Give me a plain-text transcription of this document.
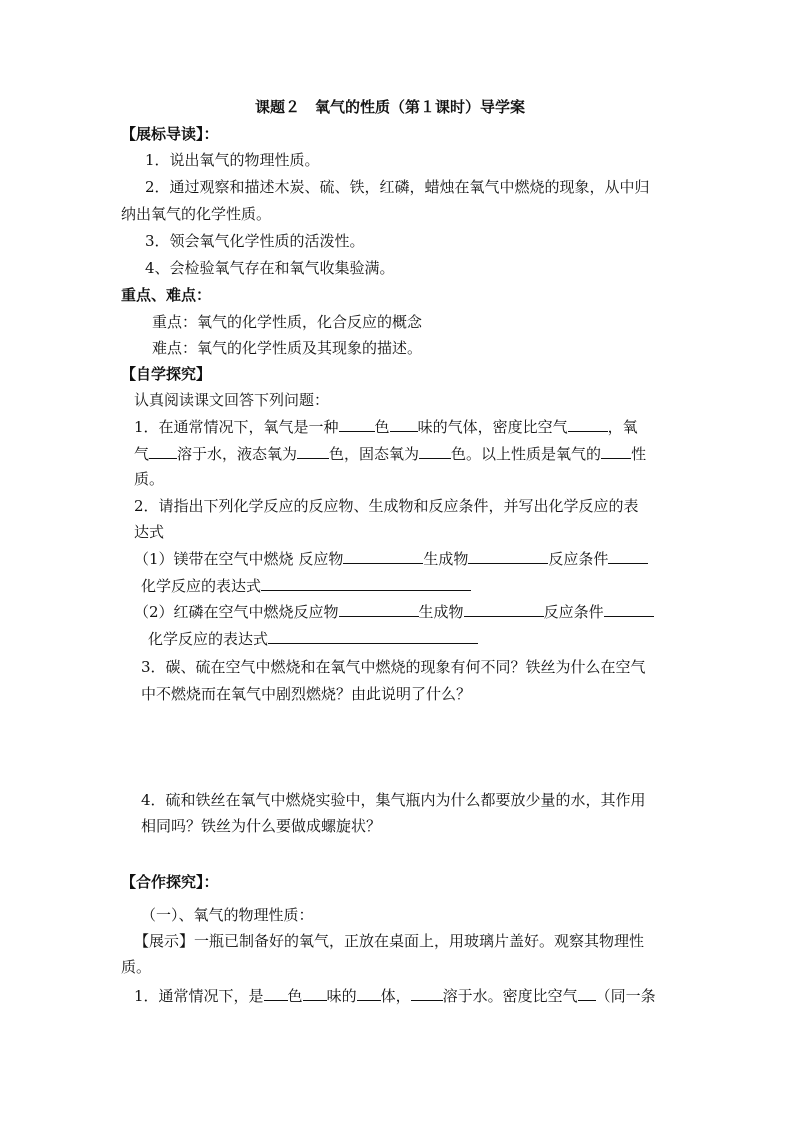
课题２　氧气的性质（第１课时）导学案
【展标导读】：
1．说出氧气的物理性质。
2．通过观察和描述木炭、硫、铁，红磷，蜡烛在氧气中燃烧的现象，从中归
纳出氧气的化学性质。
3．领会氧气化学性质的活泼性。
4、会检验氧气存在和氧气收集验满。
重点、难点：
重点：氧气的化学性质，化合反应的概念
难点：氧气的化学性质及其现象的描述。
【自学探究】
认真阅读课文回答下列问题：
1．在通常情况下，氧气是一种 色 味的气体，密度比空气	，氧
气 溶于水，液态氧为 色，固态氧为 色。以上性质是氧气的 性
质。
2．请指出下列化学反应的反应物、生成物和反应条件，并写出化学反应的表
达式
（1）镁带在空气中燃烧 反应物	生成物	反应条件
化学反应的表达式
（2）红磷在空气中燃烧反应物	生成物	反应条件
化学反应的表达式
3．碳、硫在空气中燃烧和在氧气中燃烧的现象有何不同？铁丝为什么在空气
中不燃烧而在氧气中剧烈燃烧？由此说明了什么？
4．硫和铁丝在氧气中燃烧实验中，集气瓶内为什么都要放少量的水，其作用
相同吗？铁丝为什么要做成螺旋状？
【合作探究】：
（一）、氧气的物理性质：
【展示】一瓶已制备好的氧气，正放在桌面上，用玻璃片盖好。观察其物理性
质。
1．通常情况下，是 色 味的 体， 溶于水。密度比空气 （同一条
